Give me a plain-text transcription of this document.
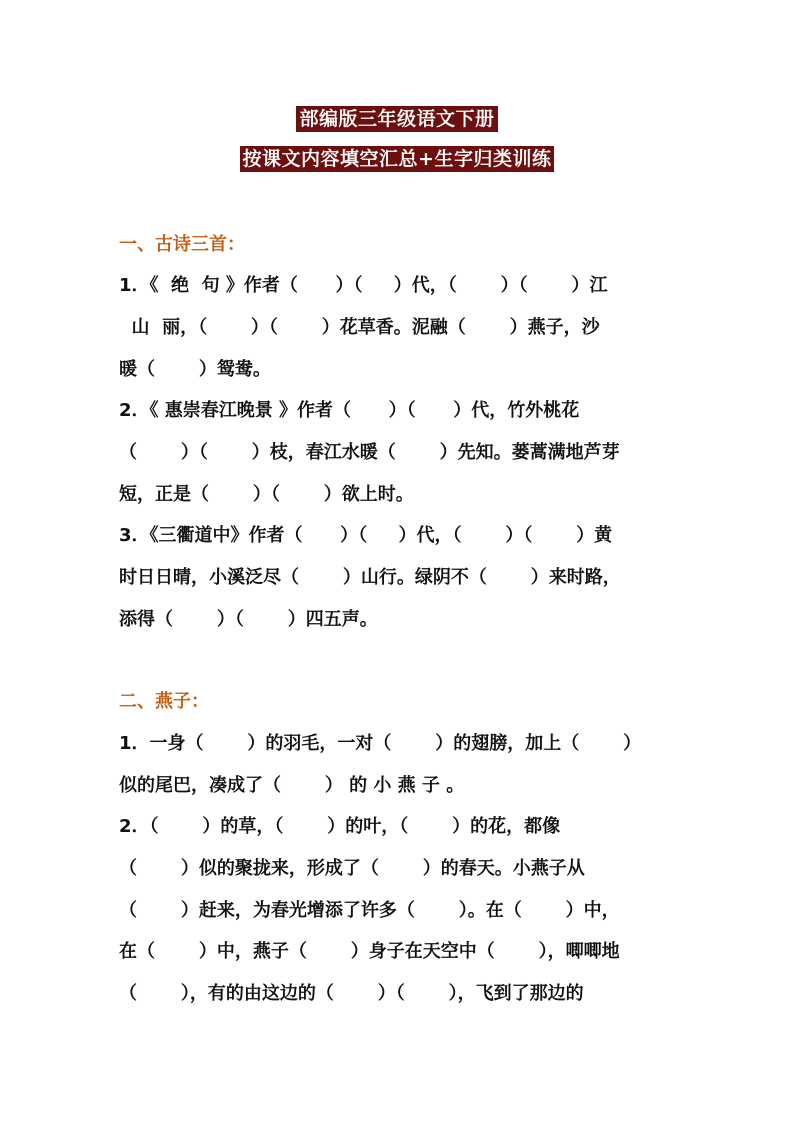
部编版三年级语文下册
按课文内容填空汇总+生字归类训练
一、古诗三首：
1．《  绝  句 》作者（      ）（     ）代，（       ）（       ）江
山  丽，（       ）（       ）花草香。泥融（       ）燕子，沙
暖（       ）鸳鸯。
2．《 惠崇春江晚景 》作者（      ）（      ）代，竹外桃花
（       ）（       ）枝，春江水暖（       ）先知。蒌蒿满地芦芽
短，正是（       ）（       ）欲上时。
3．《三衢道中》作者（      ）（     ）代，（       ）（       ）黄
时日日晴，小溪泛尽（       ）山行。绿阴不（       ）来时路，
添得（       ）（       ）四五声。
二、燕子：
1．一身（       ）的羽毛，一对（       ）的翅膀，加上（       ）
似的尾巴，凑成了（       ） 的 小 燕 子 。
2．（       ）的草，（       ）的叶，（       ）的花，都像
（       ）似的聚拢来，形成了（       ）的春天。小燕子从
（       ）赶来，为春光增添了许多（       ）。在（       ）中，
在（       ）中，燕子（       ）身子在天空中（       ），唧唧地
（       ），有的由这边的（       ）（       ），飞到了那边的
